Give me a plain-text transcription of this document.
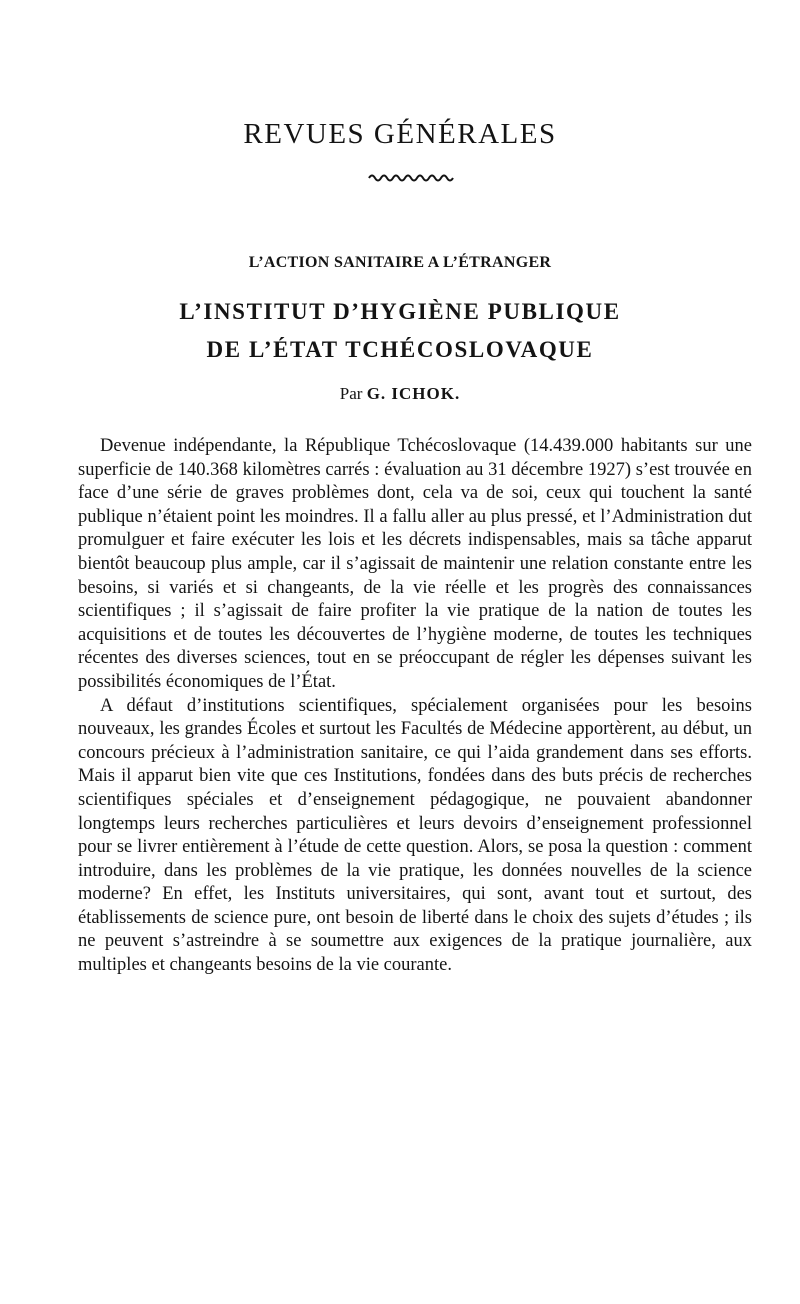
REVUES GÉNÉRALES
L’ACTION SANITAIRE A L’ÉTRANGER
L’INSTITUT D’HYGIÈNE PUBLIQUE
DE L’ÉTAT TCHÉCOSLOVAQUE

Par G. ICHOK.

Devenue indépendante, la République Tchécoslovaque (14.439.000 habitants sur une superficie de 140.368 kilomètres carrés : évaluation au 31 décembre 1927) s’est trouvée en face d’une série de graves problèmes dont, cela va de soi, ceux qui touchent la santé publique n’étaient point les moindres. Il a fallu aller au plus pressé, et l’Administration dut promulguer et faire exécuter les lois et les décrets indispensables, mais sa tâche apparut bientôt beaucoup plus ample, car il s’agissait de maintenir une relation constante entre les besoins, si variés et si changeants, de la vie réelle et les progrès des connaissances scientifiques ; il s’agissait de faire profiter la vie pratique de la nation de toutes les acquisitions et de toutes les découvertes de l’hygiène moderne, de toutes les techniques récentes des diverses sciences, tout en se préoccupant de régler les dépenses suivant les possibilités économiques de l’État.

A défaut d’institutions scientifiques, spécialement organisées pour les besoins nouveaux, les grandes Écoles et surtout les Facultés de Médecine apportèrent, au début, un concours précieux à l’administration sanitaire, ce qui l’aida grandement dans ses efforts. Mais il apparut bien vite que ces Institutions, fondées dans des buts précis de recherches scientifiques spéciales et d’enseignement pédagogique, ne pouvaient abandonner longtemps leurs recherches particulières et leurs devoirs d’enseignement professionnel pour se livrer entièrement à l’étude de cette question. Alors, se posa la question : comment introduire, dans les problèmes de la vie pratique, les données nouvelles de la science moderne? En effet, les Instituts universitaires, qui sont, avant tout et surtout, des établissements de science pure, ont besoin de liberté dans le choix des sujets d’études ; ils ne peuvent s’astreindre à se soumettre aux exigences de la pratique journalière, aux multiples et changeants besoins de la vie courante.
